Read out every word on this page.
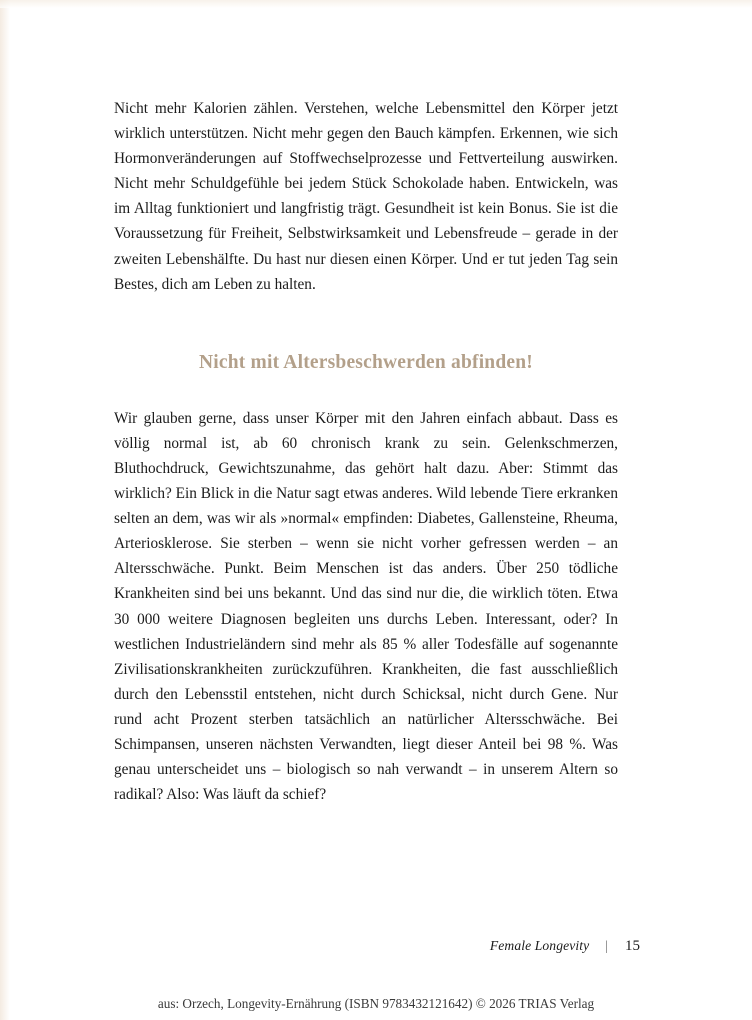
Nicht mehr Kalorien zählen. Verstehen, welche Lebensmittel den Körper jetzt wirklich unterstützen. Nicht mehr gegen den Bauch kämpfen. Erkennen, wie sich Hormonveränderungen auf Stoffwechselprozesse und Fettverteilung auswirken. Nicht mehr Schuldgefühle bei jedem Stück Schokolade haben. Entwickeln, was im Alltag funktioniert und langfristig trägt. Gesundheit ist kein Bonus. Sie ist die Voraussetzung für Freiheit, Selbstwirksamkeit und Lebensfreude – gerade in der zweiten Lebenshälfte. Du hast nur diesen einen Körper. Und er tut jeden Tag sein Bestes, dich am Leben zu halten.

Nicht mit Altersbeschwerden abfinden!

Wir glauben gerne, dass unser Körper mit den Jahren einfach abbaut. Dass es völlig normal ist, ab 60 chronisch krank zu sein. Gelenkschmerzen, Bluthochdruck, Gewichtszunahme, das gehört halt dazu. Aber: Stimmt das wirklich? Ein Blick in die Natur sagt etwas anderes. Wild lebende Tiere erkranken selten an dem, was wir als »normal« empfinden: Diabetes, Gallensteine, Rheuma, Arteriosklerose. Sie sterben – wenn sie nicht vorher gefressen werden – an Altersschwäche. Punkt. Beim Menschen ist das anders. Über 250 tödliche Krankheiten sind bei uns bekannt. Und das sind nur die, die wirklich töten. Etwa 30 000 weitere Diagnosen begleiten uns durchs Leben. Interessant, oder? In westlichen Industrieländern sind mehr als 85 % aller Todesfälle auf sogenannte Zivilisationskrankheiten zurückzuführen. Krankheiten, die fast ausschließlich durch den Lebensstil entstehen, nicht durch Schicksal, nicht durch Gene. Nur rund acht Prozent sterben tatsächlich an natürlicher Altersschwäche. Bei Schimpansen, unseren nächsten Verwandten, liegt dieser Anteil bei 98 %. Was genau unterscheidet uns – biologisch so nah verwandt – in unserem Altern so radikal? Also: Was läuft da schief?

Female Longevity | 15
aus: Orzech, Longevity-Ernährung (ISBN 9783432121642) © 2026 TRIAS Verlag
